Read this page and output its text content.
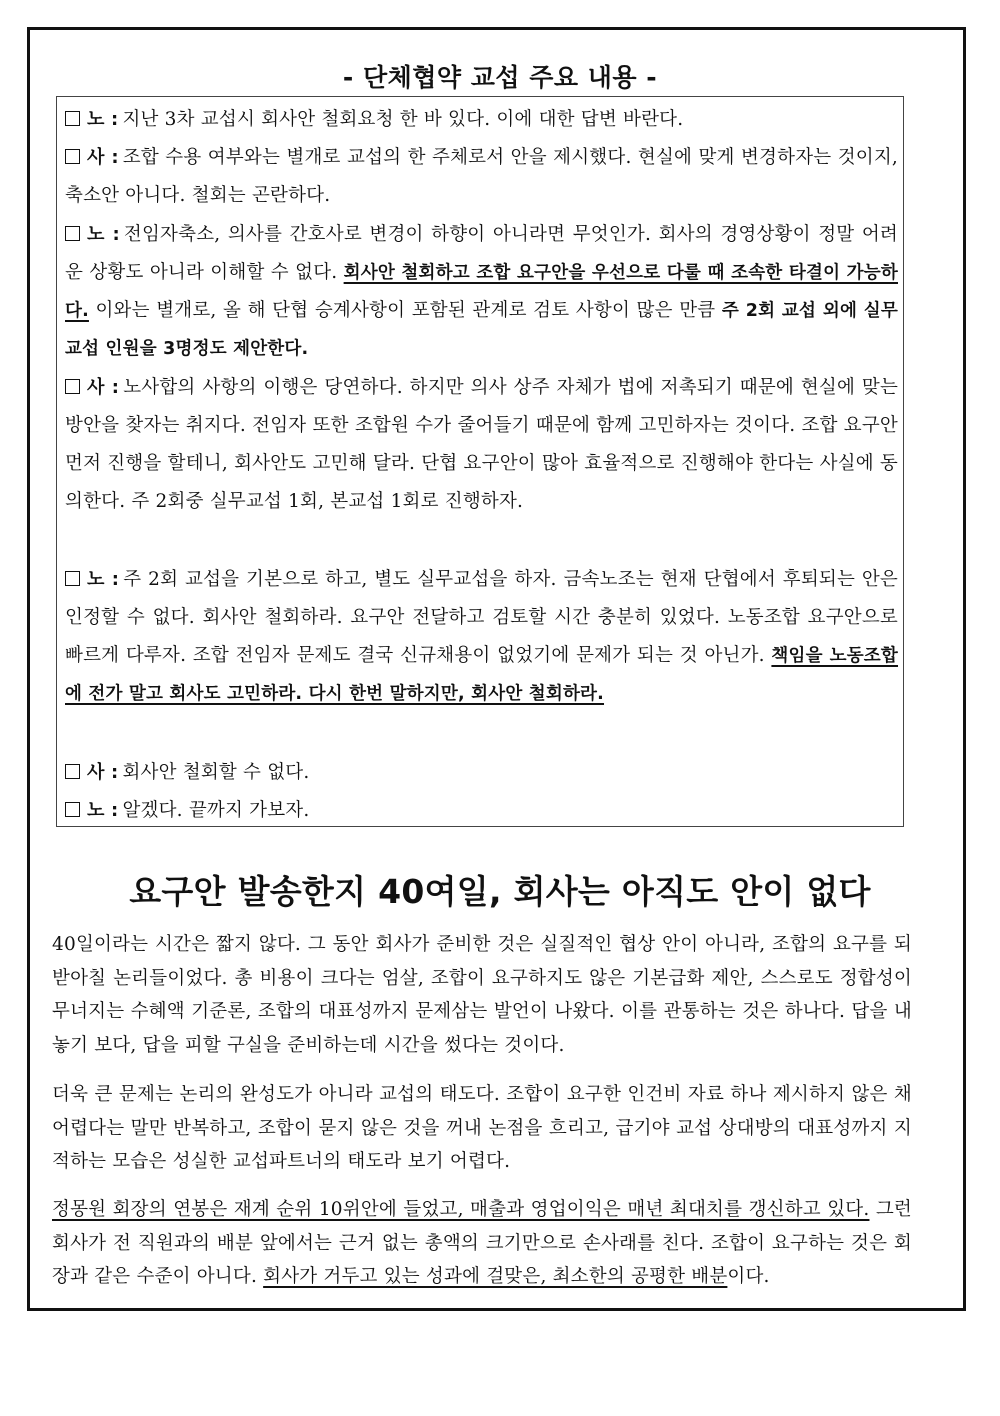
- 단체협약 교섭 주요 내용 -
노 : 지난 3차 교섭시 회사안 철회요청 한 바 있다. 이에 대한 답변 바란다.
사 : 조합 수용 여부와는 별개로 교섭의 한 주체로서 안을 제시했다. 현실에 맞게 변경하자는 것이지, 축소안 아니다. 철회는 곤란하다.
노 : 전임자축소, 의사를 간호사로 변경이 하향이 아니라면 무엇인가. 회사의 경영상황이 정말 어려운 상황도 아니라 이해할 수 없다. 회사안 철회하고 조합 요구안을 우선으로 다룰 때 조속한 타결이 가능하다. 이와는 별개로, 올 해 단협 승계사항이 포함된 관계로 검토 사항이 많은 만큼 주 2회 교섭 외에 실무교섭 인원을 3명정도 제안한다.
사 : 노사합의 사항의 이행은 당연하다. 하지만 의사 상주 자체가 법에 저촉되기 때문에 현실에 맞는 방안을 찾자는 취지다. 전임자 또한 조합원 수가 줄어들기 때문에 함께 고민하자는 것이다. 조합 요구안 먼저 진행을 할테니, 회사안도 고민해 달라. 단협 요구안이 많아 효율적으로 진행해야 한다는 사실에 동의한다. 주 2회중 실무교섭 1회, 본교섭 1회로 진행하자.
노 : 주 2회 교섭을 기본으로 하고, 별도 실무교섭을 하자. 금속노조는 현재 단협에서 후퇴되는 안은 인정할 수 없다. 회사안 철회하라. 요구안 전달하고 검토할 시간 충분히 있었다. 노동조합 요구안으로 빠르게 다루자. 조합 전임자 문제도 결국 신규채용이 없었기에 문제가 되는 것 아닌가. 책임을 노동조합에 전가 말고 회사도 고민하라. 다시 한번 말하지만, 회사안 철회하라.
사 : 회사안 철회할 수 없다.
노 : 알겠다. 끝까지 가보자.
요구안 발송한지 40여일, 회사는 아직도 안이 없다
40일이라는 시간은 짧지 않다. 그 동안 회사가 준비한 것은 실질적인 협상 안이 아니라, 조합의 요구를 되받아칠 논리들이었다. 총 비용이 크다는 엄살, 조합이 요구하지도 않은 기본급화 제안, 스스로도 정합성이 무너지는 수혜액 기준론, 조합의 대표성까지 문제삼는 발언이 나왔다. 이를 관통하는 것은 하나다. 답을 내놓기 보다, 답을 피할 구실을 준비하는데 시간을 썼다는 것이다.
더욱 큰 문제는 논리의 완성도가 아니라 교섭의 태도다. 조합이 요구한 인건비 자료 하나 제시하지 않은 채 어렵다는 말만 반복하고, 조합이 묻지 않은 것을 꺼내 논점을 흐리고, 급기야 교섭 상대방의 대표성까지 지적하는 모습은 성실한 교섭파트너의 태도라 보기 어렵다.
정몽원 회장의 연봉은 재계 순위 10위안에 들었고, 매출과 영업이익은 매년 최대치를 갱신하고 있다. 그런 회사가 전 직원과의 배분 앞에서는 근거 없는 총액의 크기만으로 손사래를 친다. 조합이 요구하는 것은 회장과 같은 수준이 아니다. 회사가 거두고 있는 성과에 걸맞은, 최소한의 공평한 배분이다.
